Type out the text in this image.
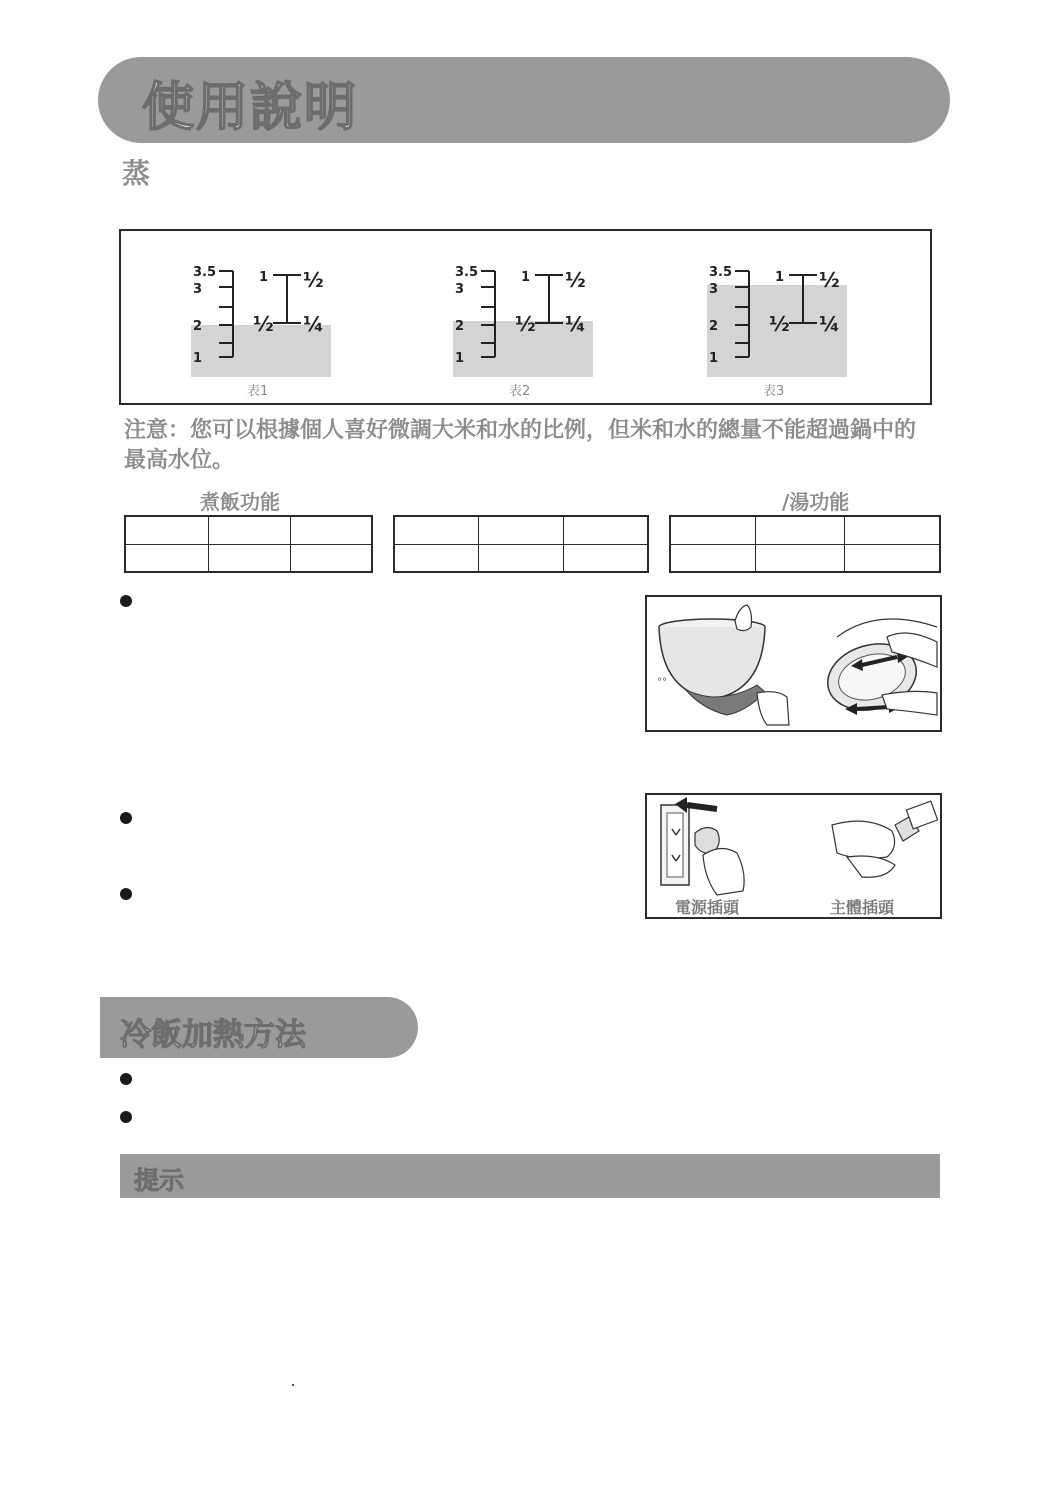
使用說明
蒸
3.5
3
2
1
1 ½
½ ¼
表1
3.5
3
2
1
1 ½
½ ¼
表2
3.5
3
2
1
1 ½
½ ¼
表3
注意：您可以根據個人喜好微調大米和水的比例，但米和水的總量不能超過鍋中的最高水位。
煮飯功能	/湯功能

°°
電源插頭	主體插頭
冷飯加熱方法
提示
